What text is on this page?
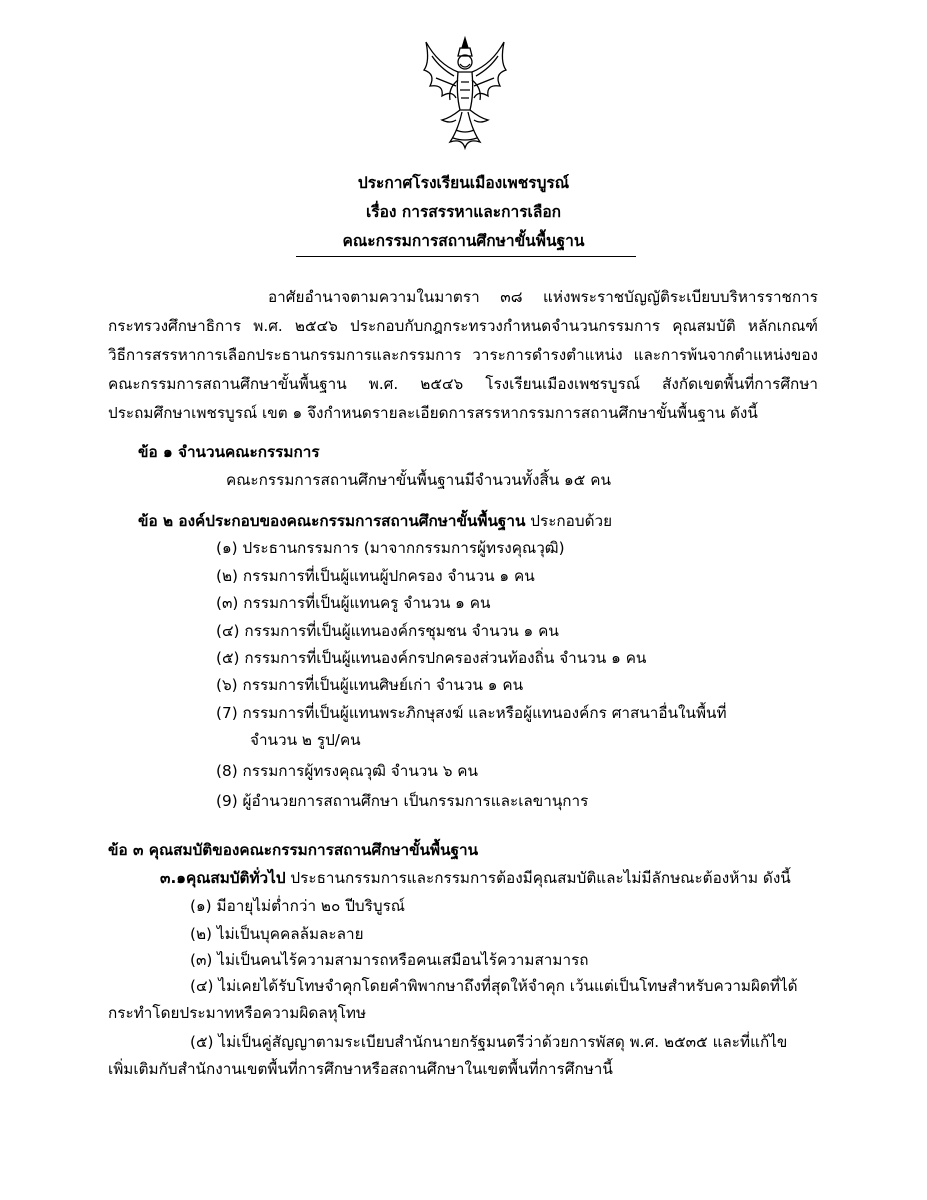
ประกาศโรงเรียนเมืองเพชรบูรณ์
เรื่อง การสรรหาและการเลือก
คณะกรรมการสถานศึกษาขั้นพื้นฐาน
อาศัยอำนาจตามความในมาตรา ๓๘ แห่งพระราชบัญญัติระเบียบบริหารราชการ
กระทรวงศึกษาธิการ พ.ศ. ๒๕๔๖ ประกอบกับกฎกระทรวงกำหนดจำนวนกรรมการ คุณสมบัติ หลักเกณฑ์
วิธีการสรรหาการเลือกประธานกรรมการและกรรมการ วาระการดำรงตำแหน่ง และการพ้นจากตำแหน่งของ
คณะกรรมการสถานศึกษาขั้นพื้นฐาน พ.ศ. ๒๕๔๖ โรงเรียนเมืองเพชรบูรณ์ สังกัดเขตพื้นที่การศึกษา
ประถมศึกษาเพชรบูรณ์ เขต ๑ จึงกำหนดรายละเอียดการสรรหากรรมการสถานศึกษาขั้นพื้นฐาน ดังนี้
ข้อ ๑ จำนวนคณะกรรมการ
คณะกรรมการสถานศึกษาขั้นพื้นฐานมีจำนวนทั้งสิ้น ๑๕ คน
ข้อ ๒ องค์ประกอบของคณะกรรมการสถานศึกษาขั้นพื้นฐาน ประกอบด้วย
(๑) ประธานกรรมการ (มาจากกรรมการผู้ทรงคุณวุฒิ)
(๒) กรรมการที่เป็นผู้แทนผู้ปกครอง จำนวน ๑ คน
(๓) กรรมการที่เป็นผู้แทนครู จำนวน ๑ คน
(๔) กรรมการที่เป็นผู้แทนองค์กรชุมชน จำนวน ๑ คน
(๕) กรรมการที่เป็นผู้แทนองค์กรปกครองส่วนท้องถิ่น จำนวน ๑ คน
(๖) กรรมการที่เป็นผู้แทนศิษย์เก่า จำนวน ๑ คน
(7) กรรมการที่เป็นผู้แทนพระภิกษุสงฆ์ และหรือผู้แทนองค์กร ศาสนาอื่นในพื้นที่
จำนวน ๒ รูป/คน
(8) กรรมการผู้ทรงคุณวุฒิ จำนวน ๖ คน
(9) ผู้อำนวยการสถานศึกษา เป็นกรรมการและเลขานุการ
ข้อ ๓ คุณสมบัติของคณะกรรมการสถานศึกษาขั้นพื้นฐาน
๓.๑คุณสมบัติทั่วไป ประธานกรรมการและกรรมการต้องมีคุณสมบัติและไม่มีลักษณะต้องห้าม ดังนี้
(๑) มีอายุไม่ต่ำกว่า ๒๐ ปีบริบูรณ์
(๒) ไม่เป็นบุคคลล้มละลาย
(๓) ไม่เป็นคนไร้ความสามารถหรือคนเสมือนไร้ความสามารถ
(๔) ไม่เคยได้รับโทษจำคุกโดยคำพิพากษาถึงที่สุดให้จำคุก เว้นแต่เป็นโทษสำหรับความผิดที่ได้
กระทำโดยประมาทหรือความผิดลหุโทษ
(๕) ไม่เป็นคู่สัญญาตามระเบียบสำนักนายกรัฐมนตรีว่าด้วยการพัสดุ พ.ศ. ๒๕๓๕ และที่แก้ไข
เพิ่มเติมกับสำนักงานเขตพื้นที่การศึกษาหรือสถานศึกษาในเขตพื้นที่การศึกษานี้
